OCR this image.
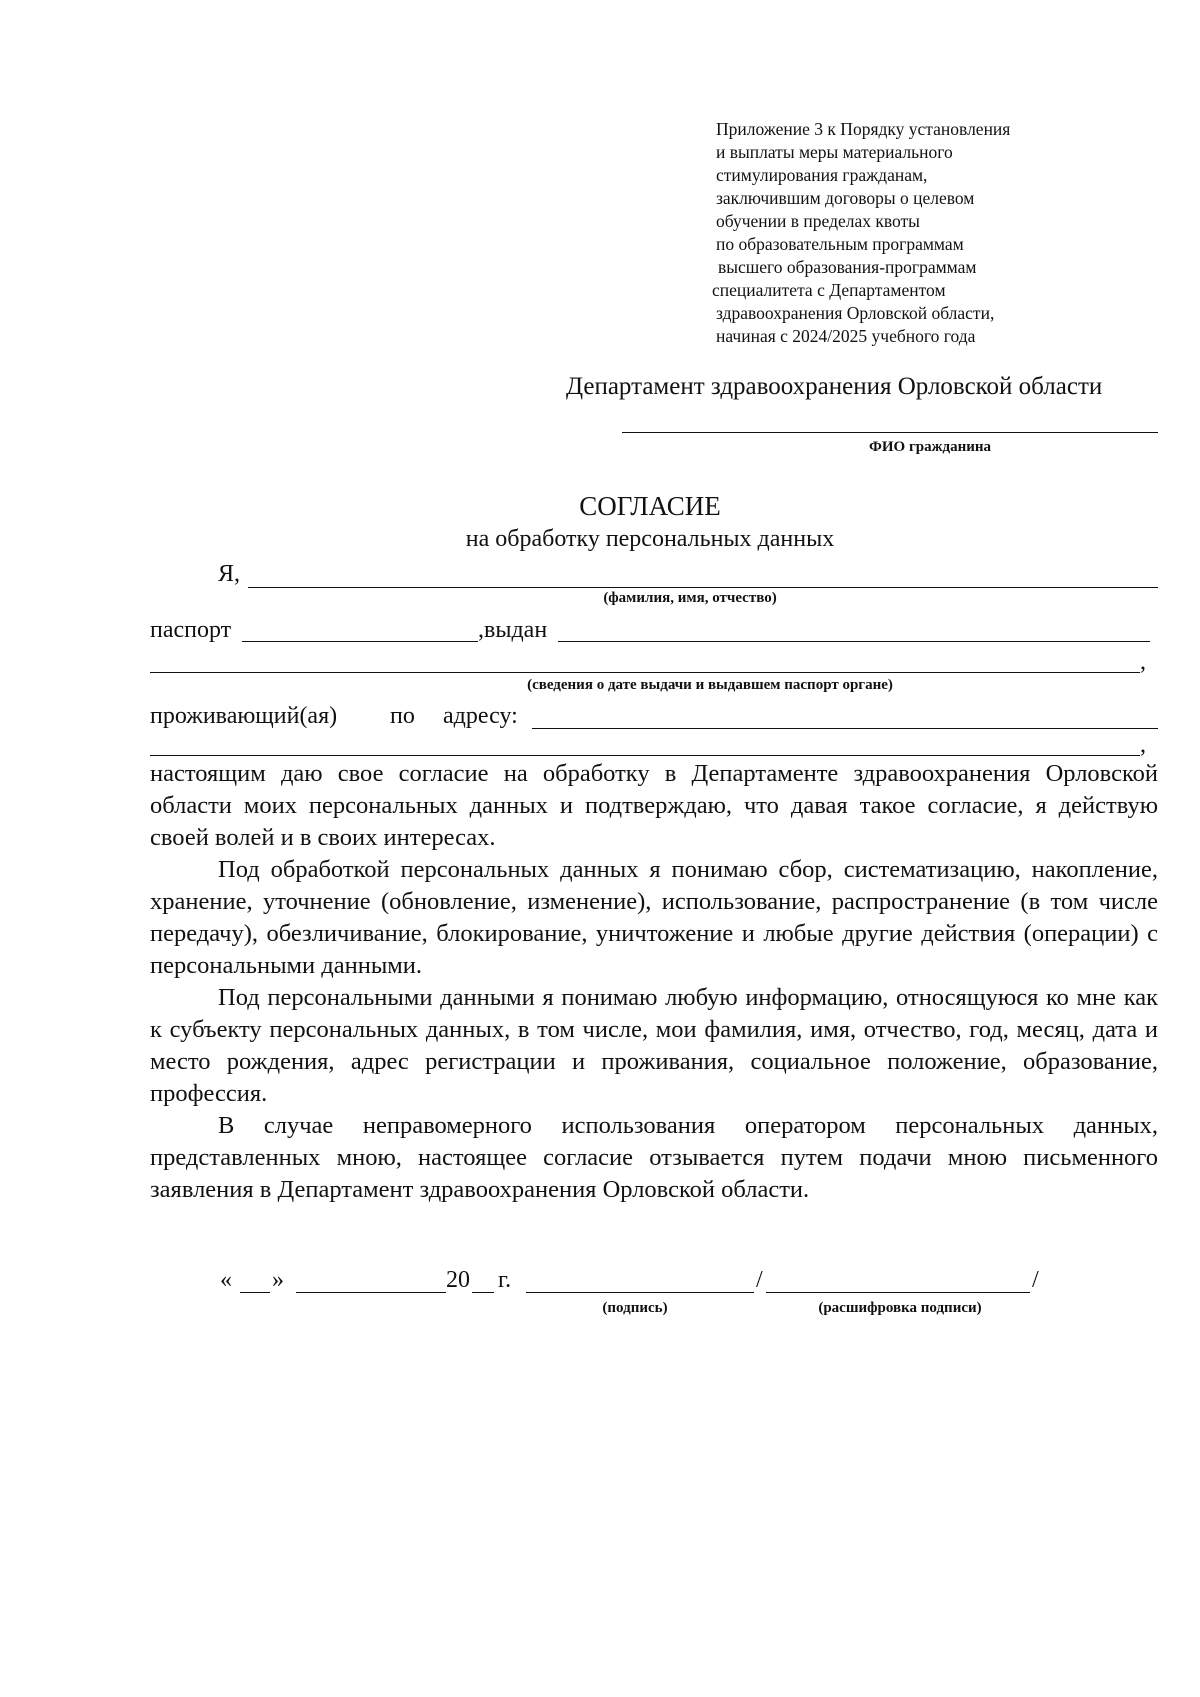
Приложение 3 к Порядку установления
и выплаты меры материального
стимулирования гражданам,
заключившим договоры о целевом
обучении в пределах квоты
по образовательным программам
высшего образования-программам
специалитета с Департаментом
здравоохранения Орловской области,
начиная с 2024/2025 учебного года
Департамент здравоохранения Орловской области
ФИО гражданина
СОГЛАСИЕ
на обработку персональных данных
Я,
(фамилия, имя, отчество)
паспорт	,выдан
,
(сведения о дате выдачи и выдавшем паспорт органе)
проживающий(ая) по адресу:
,

настоящим даю свое согласие на обработку в Департаменте здравоохранения Орловской области моих персональных данных и подтверждаю, что давая такое согласие, я действую своей волей и в своих интересах.

Под обработкой персональных данных я понимаю сбор, систематизацию, накопление, хранение, уточнение (обновление, изменение), использование, распространение (в том числе передачу), обезличивание, блокирование, уничтожение и любые другие действия (операции) с персональными данными.

Под персональными данными я понимаю любую информацию, относящуюся ко мне как к субъекту персональных данных, в том числе, мои фамилия, имя, отчество, год, месяц, дата и место рождения, адрес регистрации и проживания, социальное положение, образование, профессия.

В случае неправомерного использования оператором персональных данных, представленных мною, настоящее согласие отзывается путем подачи мною письменного заявления в Департамент здравоохранения Орловской области.

« »	20 г.	/	/
(подпись)	(расшифровка подписи)
